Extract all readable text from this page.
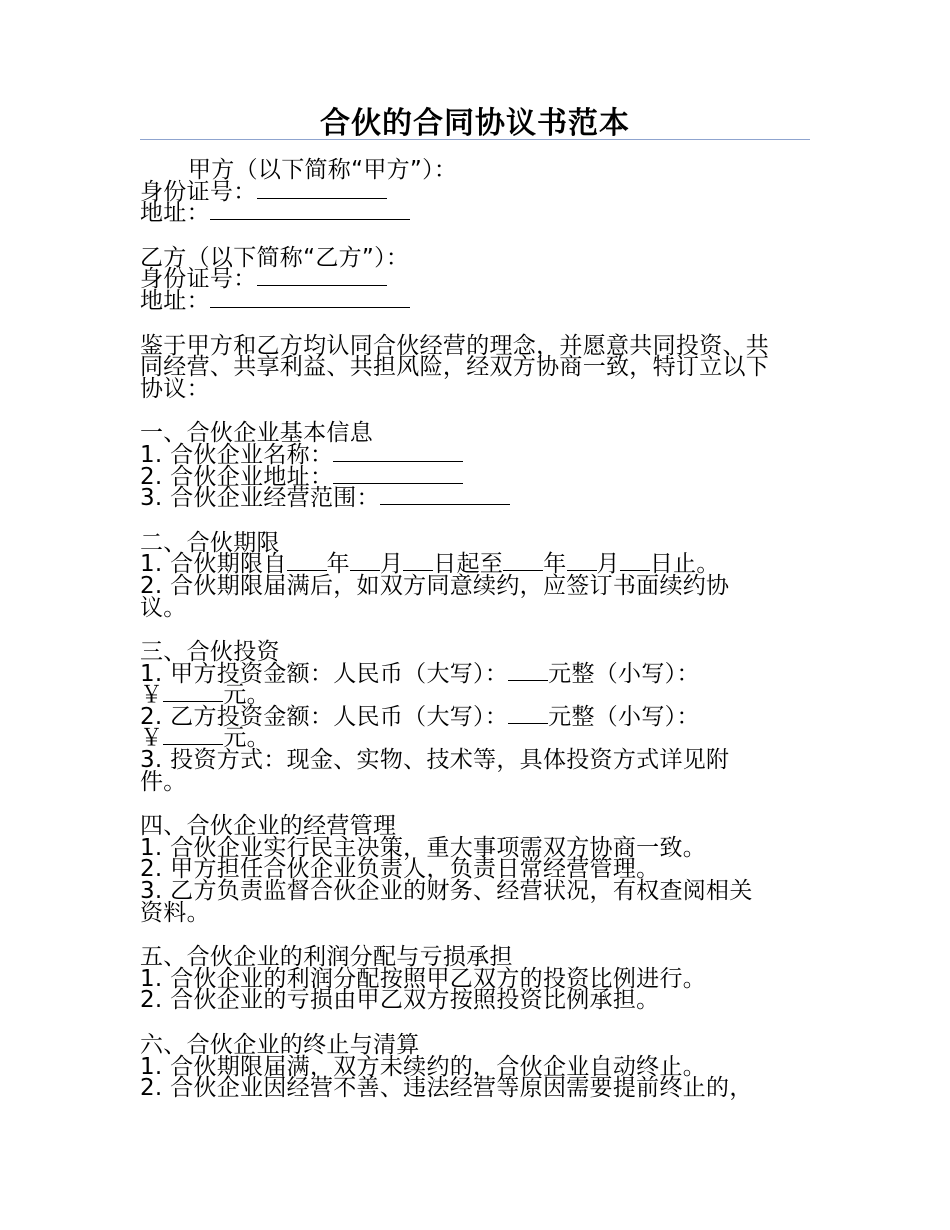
合伙的合同协议书范本
甲方（以下简称“甲方”）：
身份证号：
地址：
乙方（以下简称“乙方”）：
身份证号：
地址：
鉴于甲方和乙方均认同合伙经营的理念，并愿意共同投资、共
同经营、共享利益、共担风险，经双方协商一致，特订立以下
协议：
一、合伙企业基本信息
1. 合伙企业名称：
2. 合伙企业地址：
3. 合伙企业经营范围：
二、合伙期限
1. 合伙期限自 年 月 日起至 年 月 日止。
2. 合伙期限届满后，如双方同意续约，应签订书面续约协
议。
三、合伙投资
1. 甲方投资金额：人民币（大写）： 元整（小写）：
￥	元。
2. 乙方投资金额：人民币（大写）： 元整（小写）：
￥	元。
3. 投资方式：现金、实物、技术等，具体投资方式详见附
件。
四、合伙企业的经营管理
1. 合伙企业实行民主决策，重大事项需双方协商一致。
2. 甲方担任合伙企业负责人，负责日常经营管理。
3. 乙方负责监督合伙企业的财务、经营状况，有权查阅相关
资料。
五、合伙企业的利润分配与亏损承担
1. 合伙企业的利润分配按照甲乙双方的投资比例进行。
2. 合伙企业的亏损由甲乙双方按照投资比例承担。
六、合伙企业的终止与清算
1. 合伙期限届满，双方未续约的，合伙企业自动终止。
2. 合伙企业因经营不善、违法经营等原因需要提前终止的，
